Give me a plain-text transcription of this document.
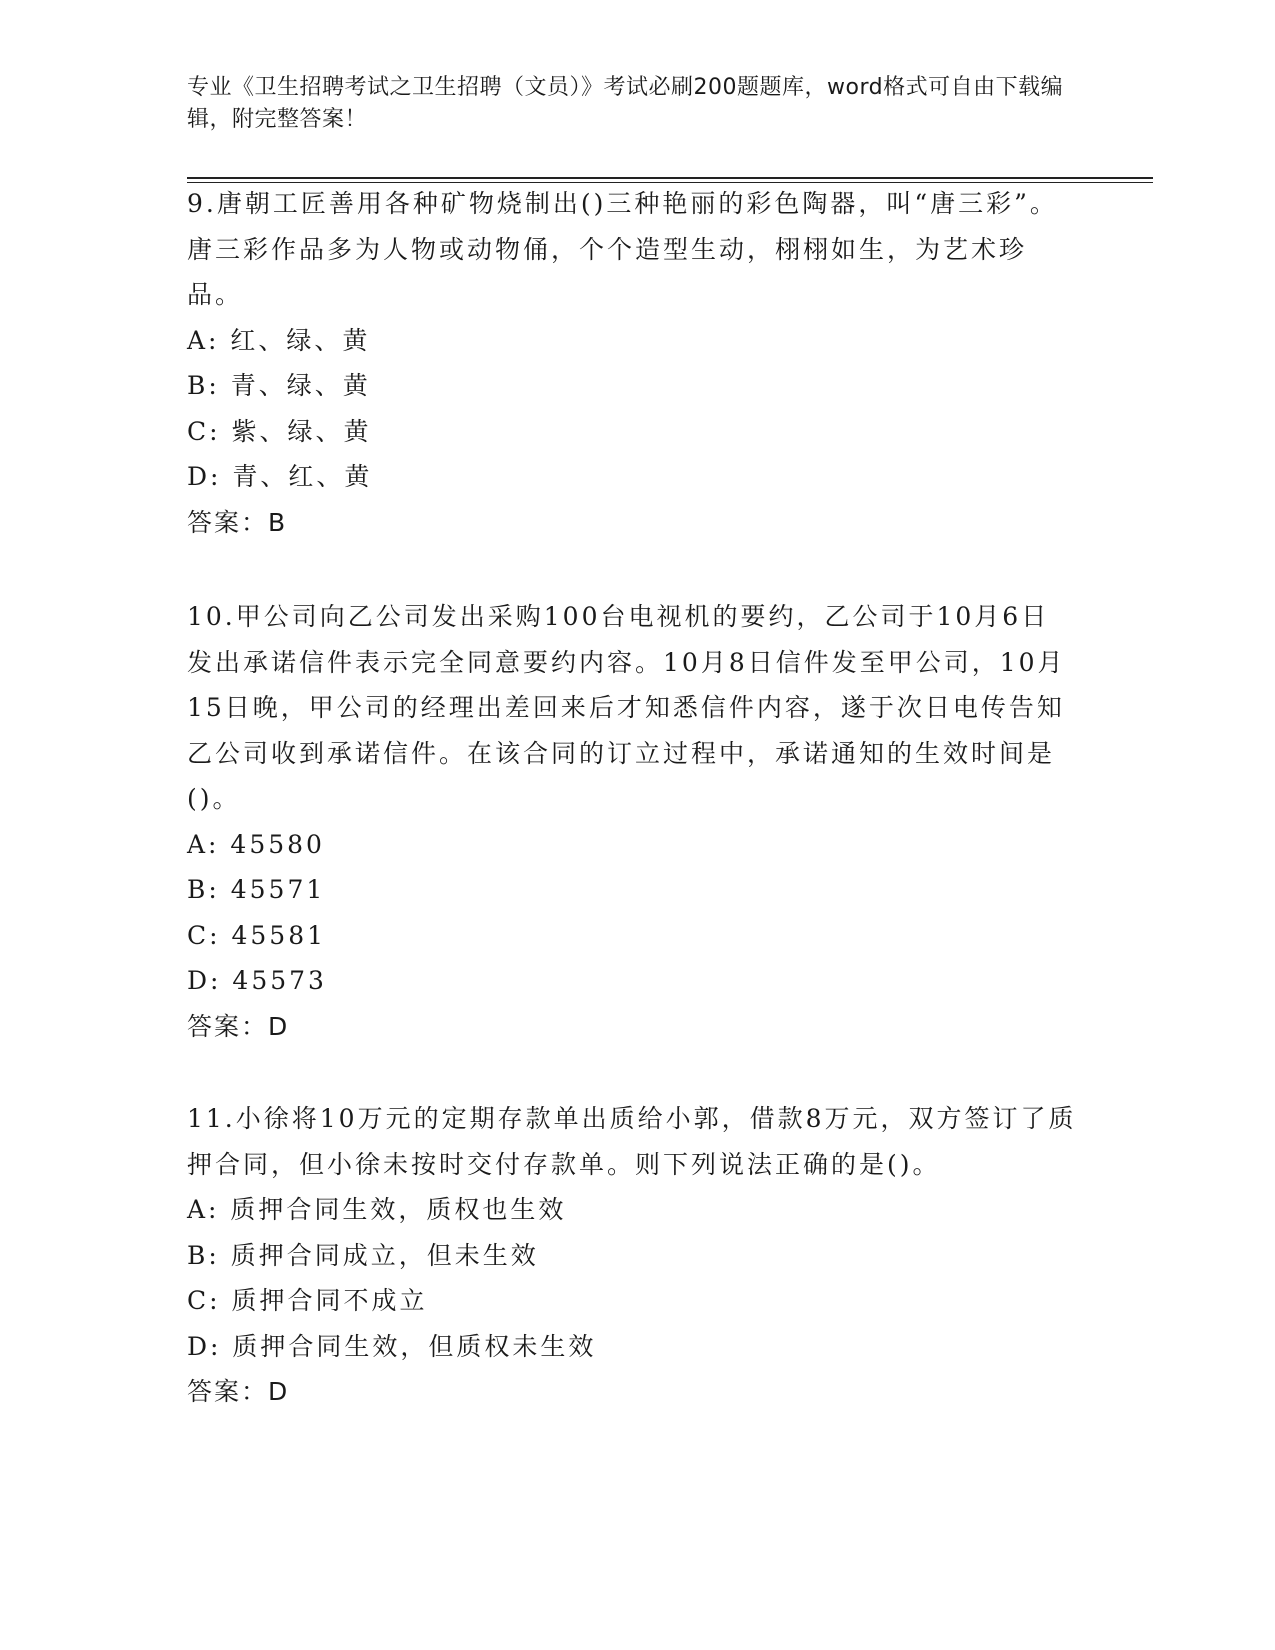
专业《卫生招聘考试之卫生招聘（文员）》考试必刷200题题库，word格式可自由下载编辑，附完整答案！

9.唐朝工匠善用各种矿物烧制出()三种艳丽的彩色陶器，叫“唐三彩”。唐三彩作品多为人物或动物俑，个个造型生动，栩栩如生，为艺术珍品。

A: 红、绿、黄

B: 青、绿、黄

C: 紫、绿、黄

D: 青、红、黄

答案：B

10.甲公司向乙公司发出采购100台电视机的要约，乙公司于10月6日发出承诺信件表示完全同意要约内容。10月8日信件发至甲公司，10月15日晚，甲公司的经理出差回来后才知悉信件内容，遂于次日电传告知乙公司收到承诺信件。在该合同的订立过程中，承诺通知的生效时间是()。

A: 45580

B: 45571

C: 45581

D: 45573

答案：D

11.小徐将10万元的定期存款单出质给小郭，借款8万元，双方签订了质押合同，但小徐未按时交付存款单。则下列说法正确的是()。

A: 质押合同生效，质权也生效

B: 质押合同成立，但未生效

C: 质押合同不成立

D: 质押合同生效，但质权未生效

答案：D
